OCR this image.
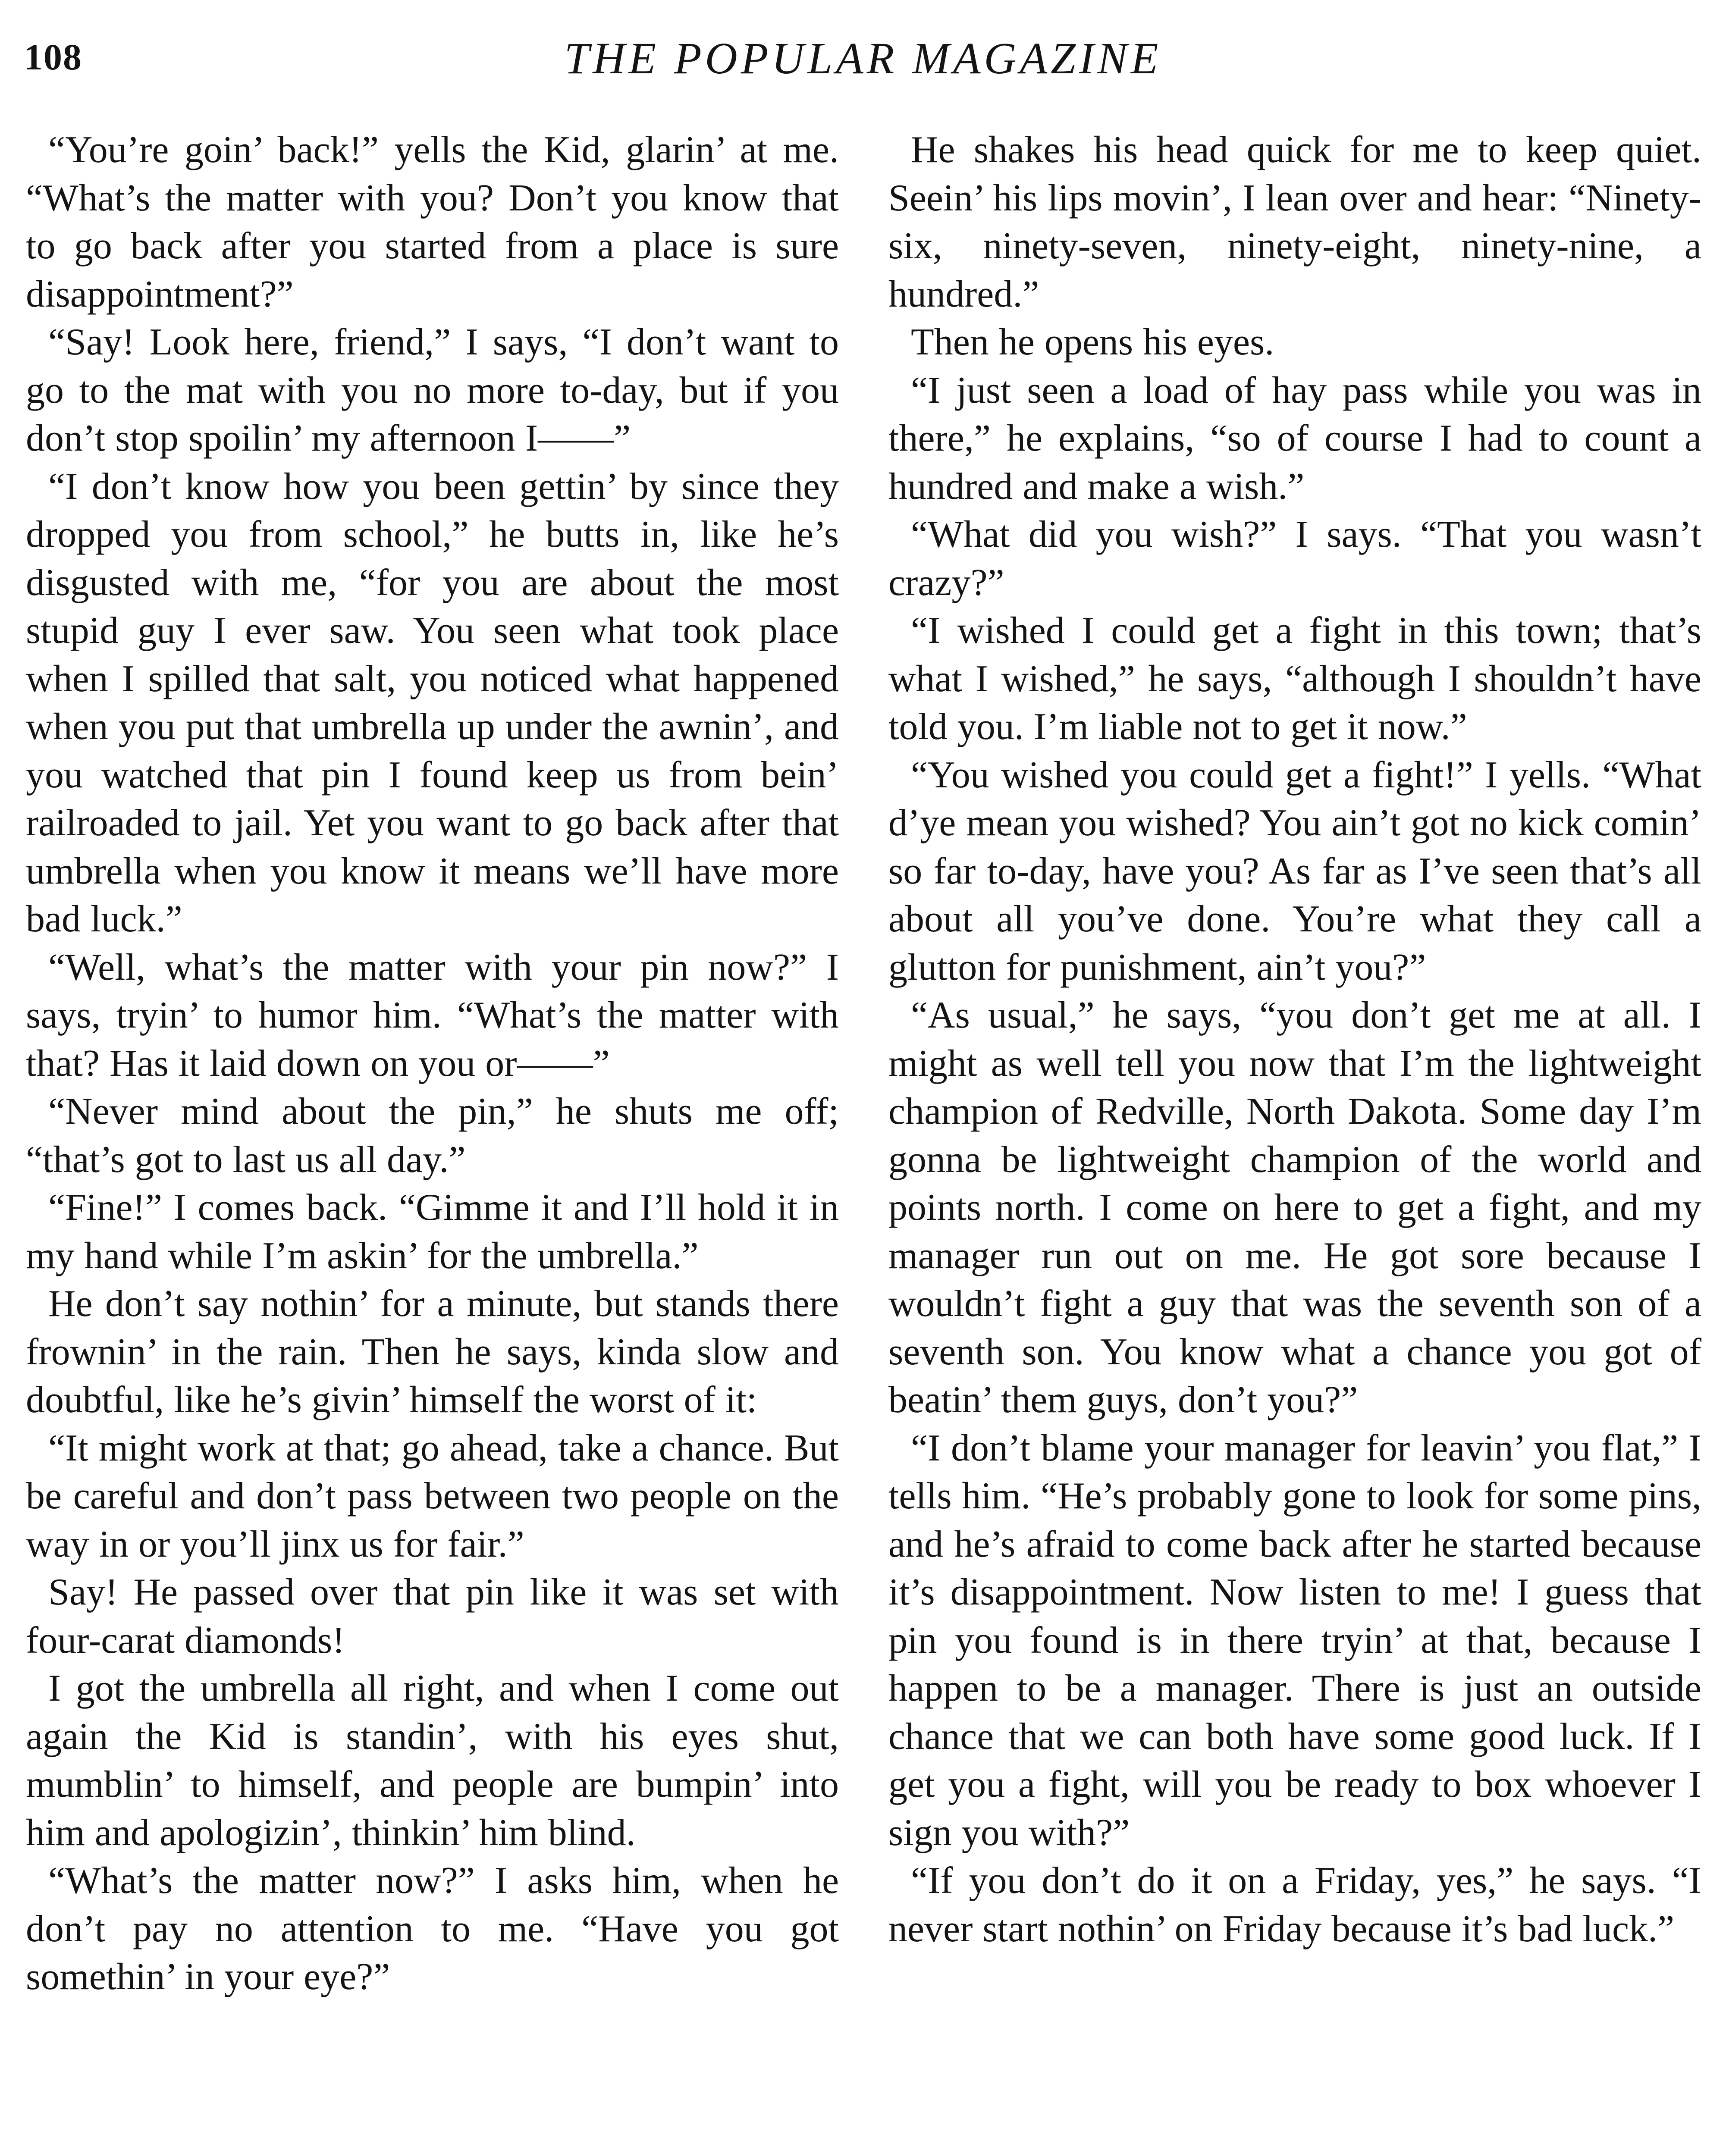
108	THE POPULAR MAGAZINE

“You’re goin’ back!” yells the Kid, glarin’ at me. “What’s the matter with you? Don’t you know that to go back after you started from a place is sure disappointment?”

“Say! Look here, friend,” I says, “I don’t want to go to the mat with you no more to-day, but if you don’t stop spoilin’ my afternoon I——”

“I don’t know how you been gettin’ by since they dropped you from school,” he butts in, like he’s disgusted with me, “for you are about the most stupid guy I ever saw. You seen what took place when I spilled that salt, you noticed what happened when you put that umbrella up under the awnin’, and you watched that pin I found keep us from bein’ railroaded to jail. Yet you want to go back after that umbrella when you know it means we’ll have more bad luck.”

“Well, what’s the matter with your pin now?” I says, tryin’ to humor him. “What’s the matter with that? Has it laid down on you or——”

“Never mind about the pin,” he shuts me off; “that’s got to last us all day.”

“Fine!” I comes back. “Gimme it and I’ll hold it in my hand while I’m askin’ for the umbrella.”

He don’t say nothin’ for a minute, but stands there frownin’ in the rain. Then he says, kinda slow and doubtful, like he’s givin’ himself the worst of it:

“It might work at that; go ahead, take a chance. But be careful and don’t pass between two people on the way in or you’ll jinx us for fair.”

Say! He passed over that pin like it was set with four-carat diamonds!

I got the umbrella all right, and when I come out again the Kid is standin’, with his eyes shut, mumblin’ to himself, and people are bumpin’ into him and apologizin’, thinkin’ him blind.

“What’s the matter now?” I asks him, when he don’t pay no attention to me. “Have you got somethin’ in your eye?”

He shakes his head quick for me to keep quiet. Seein’ his lips movin’, I lean over and hear: “Ninety-six, ninety-seven, ninety-eight, ninety-nine, a hundred.”

Then he opens his eyes.

“I just seen a load of hay pass while you was in there,” he explains, “so of course I had to count a hundred and make a wish.”

“What did you wish?” I says. “That you wasn’t crazy?”

“I wished I could get a fight in this town; that’s what I wished,” he says, “although I shouldn’t have told you. I’m liable not to get it now.”

“You wished you could get a fight!” I yells. “What d’ye mean you wished? You ain’t got no kick comin’ so far to-day, have you? As far as I’ve seen that’s all about all you’ve done. You’re what they call a glutton for punishment, ain’t you?”

“As usual,” he says, “you don’t get me at all. I might as well tell you now that I’m the lightweight champion of Redville, North Dakota. Some day I’m gonna be lightweight champion of the world and points north. I come on here to get a fight, and my manager run out on me. He got sore because I wouldn’t fight a guy that was the seventh son of a seventh son. You know what a chance you got of beatin’ them guys, don’t you?”

“I don’t blame your manager for leavin’ you flat,” I tells him. “He’s probably gone to look for some pins, and he’s afraid to come back after he started because it’s disappointment. Now listen to me! I guess that pin you found is in there tryin’ at that, because I happen to be a manager. There is just an outside chance that we can both have some good luck. If I get you a fight, will you be ready to box whoever I sign you with?”

“If you don’t do it on a Friday, yes,” he says. “I never start nothin’ on Friday because it’s bad luck.”
